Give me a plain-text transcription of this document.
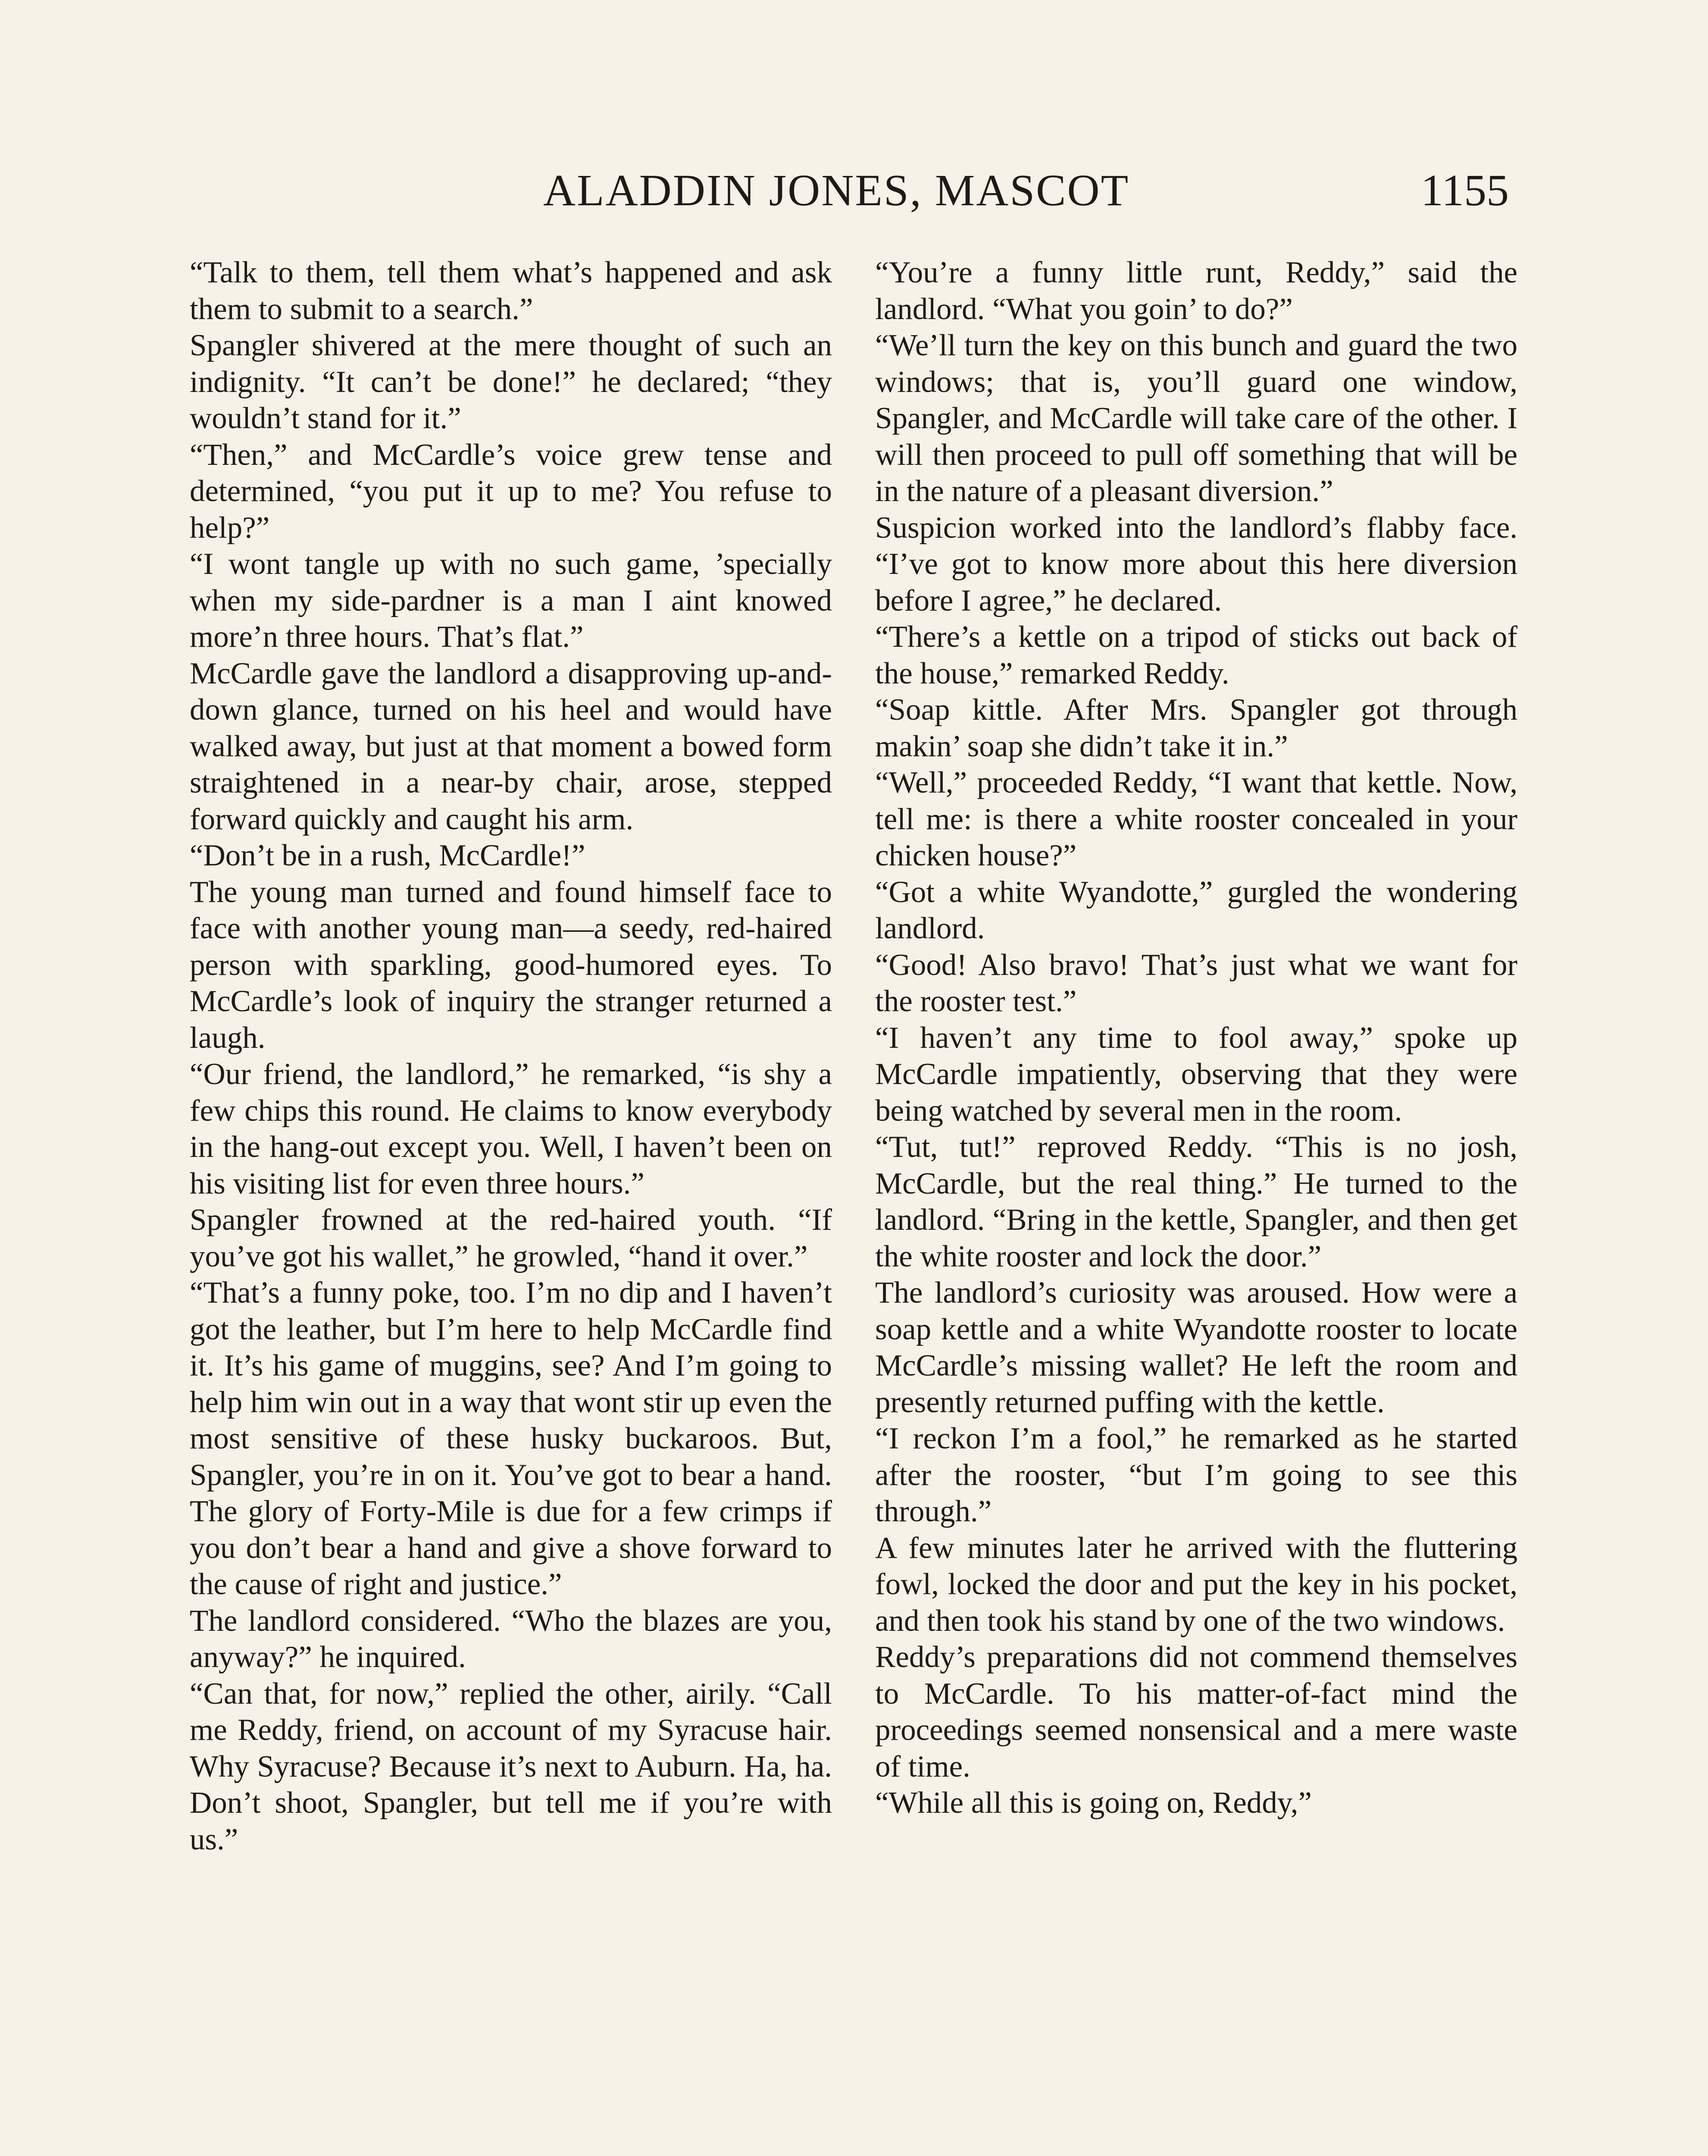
ALADDIN JONES, MASCOT	1155

“Talk to them, tell them what’s happened and ask them to submit to a search.”

Spangler shivered at the mere thought of such an indignity. “It can’t be done!” he declared; “they wouldn’t stand for it.”

“Then,” and McCardle’s voice grew tense and determined, “you put it up to me? You refuse to help?”

“I wont tangle up with no such game, ’specially when my side-pardner is a man I aint knowed more’n three hours. That’s flat.”

McCardle gave the landlord a disapproving up-and-down glance, turned on his heel and would have walked away, but just at that moment a bowed form straightened in a near-by chair, arose, stepped forward quickly and caught his arm.

“Don’t be in a rush, McCardle!”

The young man turned and found himself face to face with another young man—a seedy, red-haired person with sparkling, good-humored eyes. To McCardle’s look of inquiry the stranger returned a laugh.

“Our friend, the landlord,” he remarked, “is shy a few chips this round. He claims to know everybody in the hang-out except you. Well, I haven’t been on his visiting list for even three hours.”

Spangler frowned at the red-haired youth. “If you’ve got his wallet,” he growled, “hand it over.”

“That’s a funny poke, too. I’m no dip and I haven’t got the leather, but I’m here to help McCardle find it. It’s his game of muggins, see? And I’m going to help him win out in a way that wont stir up even the most sensitive of these husky buckaroos. But, Spangler, you’re in on it. You’ve got to bear a hand. The glory of Forty-Mile is due for a few crimps if you don’t bear a hand and give a shove forward to the cause of right and justice.”

The landlord considered. “Who the blazes are you, anyway?” he inquired.

“Can that, for now,” replied the other, airily. “Call me Reddy, friend, on account of my Syracuse hair. Why Syracuse? Because it’s next to Auburn. Ha, ha. Don’t shoot, Spangler, but tell me if you’re with us.”

“You’re a funny little runt, Reddy,” said the landlord. “What you goin’ to do?”

“We’ll turn the key on this bunch and guard the two windows; that is, you’ll guard one window, Spangler, and McCardle will take care of the other. I will then proceed to pull off something that will be in the nature of a pleasant diversion.”

Suspicion worked into the landlord’s flabby face. “I’ve got to know more about this here diversion before I agree,” he declared.

“There’s a kettle on a tripod of sticks out back of the house,” remarked Reddy.

“Soap kittle. After Mrs. Spangler got through makin’ soap she didn’t take it in.”

“Well,” proceeded Reddy, “I want that kettle. Now, tell me: is there a white rooster concealed in your chicken house?”

“Got a white Wyandotte,” gurgled the wondering landlord.

“Good! Also bravo! That’s just what we want for the rooster test.”

“I haven’t any time to fool away,” spoke up McCardle impatiently, observing that they were being watched by several men in the room.

“Tut, tut!” reproved Reddy. “This is no josh, McCardle, but the real thing.” He turned to the landlord. “Bring in the kettle, Spangler, and then get the white rooster and lock the door.”

The landlord’s curiosity was aroused. How were a soap kettle and a white Wyandotte rooster to locate McCardle’s missing wallet? He left the room and presently returned puffing with the kettle.

“I reckon I’m a fool,” he remarked as he started after the rooster, “but I’m going to see this through.”

A few minutes later he arrived with the fluttering fowl, locked the door and put the key in his pocket, and then took his stand by one of the two windows.

Reddy’s preparations did not commend themselves to McCardle. To his matter-of-fact mind the proceedings seemed nonsensical and a mere waste of time.

“While all this is going on, Reddy,”
